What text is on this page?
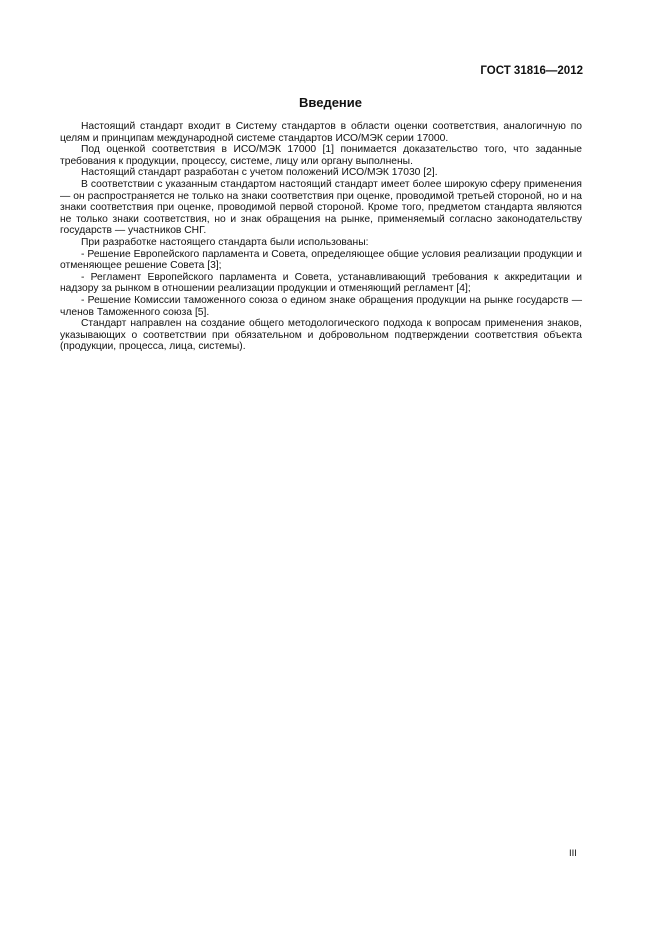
ГОСТ 31816—2012
Введение

Настоящий стандарт входит в Систему стандартов в области оценки соответствия, аналогичную по целям и принципам международной системе стандартов ИСО/МЭК серии 17000.

Под оценкой соответствия в ИСО/МЭК 17000 [1] понимается доказательство того, что заданные требования к продукции, процессу, системе, лицу или органу выполнены.

Настоящий стандарт разработан с учетом положений ИСО/МЭК 17030 [2].

В соответствии с указанным стандартом настоящий стандарт имеет более широкую сферу применения — он распространяется не только на знаки соответствия при оценке, проводимой третьей стороной, но и на знаки соответствия при оценке, проводимой первой стороной. Кроме того, предметом стандарта являются не только знаки соответствия, но и знак обращения на рынке, применяемый согласно законодательству государств — участников СНГ.

При разработке настоящего стандарта были использованы:

- Решение Европейского парламента и Совета, определяющее общие условия реализации продукции и отменяющее решение Совета [3];

- Регламент Европейского парламента и Совета, устанавливающий требования к аккредитации и надзору за рынком в отношении реализации продукции и отменяющий регламент [4];

- Решение Комиссии таможенного союза о едином знаке обращения продукции на рынке государств — членов Таможенного союза [5].

Стандарт направлен на создание общего методологического подхода к вопросам применения знаков, указывающих о соответствии при обязательном и добровольном подтверждении соответствия объекта (продукции, процесса, лица, системы).

III
